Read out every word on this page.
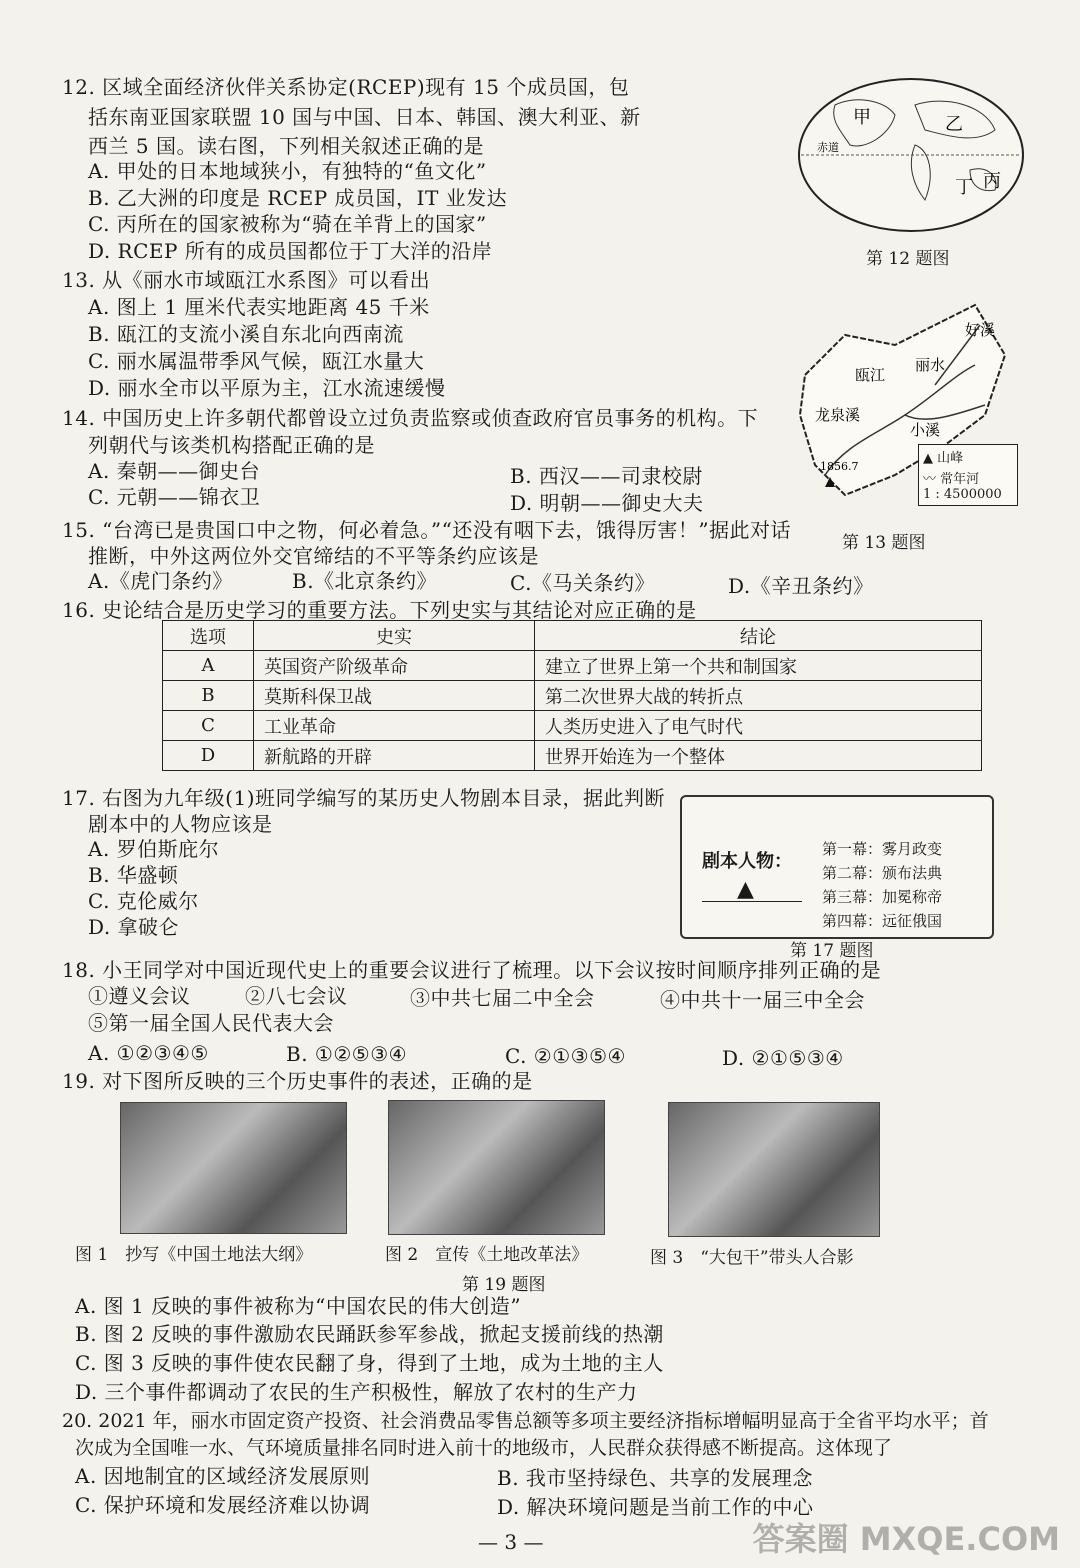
12. 区域全面经济伙伴关系协定(RCEP)现有 15 个成员国，包
括东南亚国家联盟 10 国与中国、日本、韩国、澳大利亚、新
西兰 5 国。读右图，下列相关叙述正确的是
A. 甲处的日本地域狭小，有独特的“鱼文化”
B. 乙大洲的印度是 RCEP 成员国，IT 业发达
C. 丙所在的国家被称为“骑在羊背上的国家”
D. RCEP 所有的成员国都位于丁大洋的沿岸
赤道
甲	乙
丙
丁
第 12 题图
13. 从《丽水市域瓯江水系图》可以看出
A. 图上 1 厘米代表实地距离 45 千米
B. 瓯江的支流小溪自东北向西南流
C. 丽水属温带季风气候，瓯江水量大
D. 丽水全市以平原为主，江水流速缓慢
好溪
瓯江
丽水
龙泉溪
小溪
1856.7
▲ 山峰
〰 常年河
1 : 4500000
第 13 题图
14. 中国历史上许多朝代都曾设立过负责监察或侦查政府官员事务的机构。下
列朝代与该类机构搭配正确的是
A. 秦朝——御史台	B. 西汉——司隶校尉
C. 元朝——锦衣卫	D. 明朝——御史大夫
15. “台湾已是贵国口中之物，何必着急。”“还没有咽下去，饿得厉害！”据此对话
推断，中外这两位外交官缔结的不平等条约应该是
A.《虎门条约》	B.《北京条约》	C.《马关条约》	D.《辛丑条约》
16. 史论结合是历史学习的重要方法。下列史实与其结论对应正确的是
选项	史实	结论
A	英国资产阶级革命	建立了世界上第一个共和制国家
B	莫斯科保卫战	第二次世界大战的转折点
C	工业革命	人类历史进入了电气时代
D	新航路的开辟	世界开始连为一个整体
17. 右图为九年级(1)班同学编写的某历史人物剧本目录，据此判断
剧本中的人物应该是
A. 罗伯斯庇尔
B. 华盛顿
C. 克伦威尔
D. 拿破仑
剧本人物：
▲
第一幕：雾月政变
第二幕：颁布法典
第三幕：加冕称帝
第四幕：远征俄国
第 17 题图
18. 小王同学对中国近现代史上的重要会议进行了梳理。以下会议按时间顺序排列正确的是
①遵义会议	②八七会议	③中共七届二中全会	④中共十一届三中全会
⑤第一届全国人民代表大会
A. ①②③④⑤	B. ①②⑤③④	C. ②①③⑤④	D. ②①⑤③④
19. 对下图所反映的三个历史事件的表述，正确的是
图 1　抄写《中国土地法大纲》	图 2　宣传《土地改革法》	图 3　“大包干”带头人合影
第 19 题图
A. 图 1 反映的事件被称为“中国农民的伟大创造”
B. 图 2 反映的事件激励农民踊跃参军参战，掀起支援前线的热潮
C. 图 3 反映的事件使农民翻了身，得到了土地，成为土地的主人
D. 三个事件都调动了农民的生产积极性，解放了农村的生产力
20. 2021 年，丽水市固定资产投资、社会消费品零售总额等多项主要经济指标增幅明显高于全省平均水平；首
次成为全国唯一水、气环境质量排名同时进入前十的地级市，人民群众获得感不断提高。这体现了
A. 因地制宜的区域经济发展原则	B. 我市坚持绿色、共享的发展理念
C. 保护环境和发展经济难以协调	D. 解决环境问题是当前工作的中心
— 3 —	答案圈 MXQE.COM
